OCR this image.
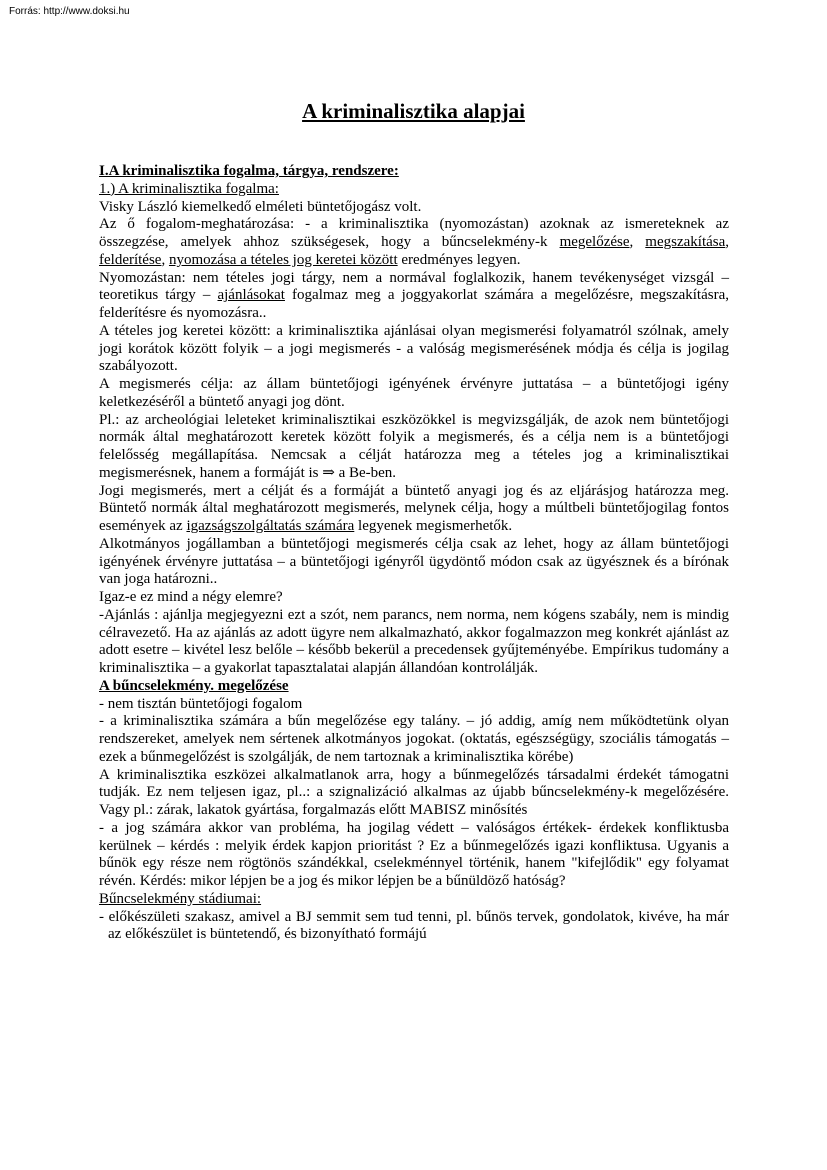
Forrás: http://www.doksi.hu
A kriminalisztika alapjai

I.A kriminalisztika fogalma, tárgya, rendszere:

1.) A kriminalisztika fogalma:

Visky László kiemelkedő elméleti büntetőjogász volt.

Az ő fogalom-meghatározása: - a kriminalisztika (nyomozástan) azoknak az ismereteknek az összegzése, amelyek ahhoz szükségesek, hogy a bűncselekmény-k megelőzése, megszakítása, felderítése, nyomozása a tételes jog keretei között eredményes legyen.

Nyomozástan: nem tételes jogi tárgy, nem a normával foglalkozik, hanem tevékenységet vizsgál – teoretikus tárgy – ajánlásokat fogalmaz meg a joggyakorlat számára a megelőzésre, megszakításra, felderítésre és nyomozásra..

A tételes jog keretei között: a kriminalisztika ajánlásai olyan megismerési folyamatról szólnak, amely jogi korátok között folyik – a jogi megismerés - a valóság megismerésének módja és célja is jogilag szabályozott.

A megismerés célja: az állam büntetőjogi igényének érvényre juttatása – a büntetőjogi igény keletkezéséről a büntető anyagi jog dönt.

Pl.: az archeológiai leleteket kriminalisztikai eszközökkel is megvizsgálják, de azok nem büntetőjogi normák által meghatározott keretek között folyik a megismerés, és a célja nem is a büntetőjogi felelősség megállapítása. Nemcsak a célját határozza meg a tételes jog a kriminalisztikai megismerésnek, hanem a formáját is ⇒ a Be-ben.

Jogi megismerés, mert a célját és a formáját a büntető anyagi jog és az eljárásjog határozza meg. Büntető normák által meghatározott megismerés, melynek célja, hogy a múltbeli büntetőjogilag fontos események az igazságszolgáltatás számára legyenek megismerhetők.

Alkotmányos jogállamban a büntetőjogi megismerés célja csak az lehet, hogy az állam büntetőjogi igényének érvényre juttatása – a büntetőjogi igényről ügydöntő módon csak az ügyésznek és a bírónak van joga határozni..

Igaz-e ez mind a négy elemre?

-Ajánlás : ajánlja megjegyezni ezt a szót, nem parancs, nem norma, nem kógens szabály, nem is mindig célravezető. Ha az ajánlás az adott ügyre nem alkalmazható, akkor fogalmazzon meg konkrét ajánlást az adott esetre – kivétel lesz belőle – később bekerül a precedensek gyűjteményébe. Empírikus tudomány a kriminalisztika – a gyakorlat tapasztalatai alapján állandóan kontrolálják.

A bűncselekmény. megelőzése

- nem tisztán büntetőjogi fogalom

- a kriminalisztika számára a bűn megelőzése egy talány. – jó addig, amíg nem működtetünk olyan rendszereket, amelyek nem sértenek alkotmányos jogokat. (oktatás, egészségügy, szociális támogatás – ezek a bűnmegelőzést is szolgálják, de nem tartoznak a kriminalisztika körébe)

A kriminalisztika eszközei alkalmatlanok arra, hogy a bűnmegelőzés társadalmi érdekét támogatni tudják. Ez nem teljesen igaz, pl..: a szignalizáció alkalmas az újabb bűncselekmény-k megelőzésére. Vagy pl.: zárak, lakatok gyártása, forgalmazás előtt MABISZ minősítés

- a jog számára akkor van probléma, ha jogilag védett – valóságos értékek- érdekek konfliktusba kerülnek – kérdés : melyik érdek kapjon prioritást ? Ez a bűnmegelőzés igazi konfliktusa. Ugyanis a bűnök egy része nem rögtönös szándékkal, cselekménnyel történik, hanem "kifejlődik" egy folyamat révén. Kérdés: mikor lépjen be a jog és mikor lépjen be a bűnüldöző hatóság?

Bűncselekmény stádiumai:

- előkészületi szakasz, amivel a BJ semmit sem tud tenni, pl. bűnös tervek, gondolatok, kivéve, ha már az előkészület is büntetendő, és bizonyítható formájú
